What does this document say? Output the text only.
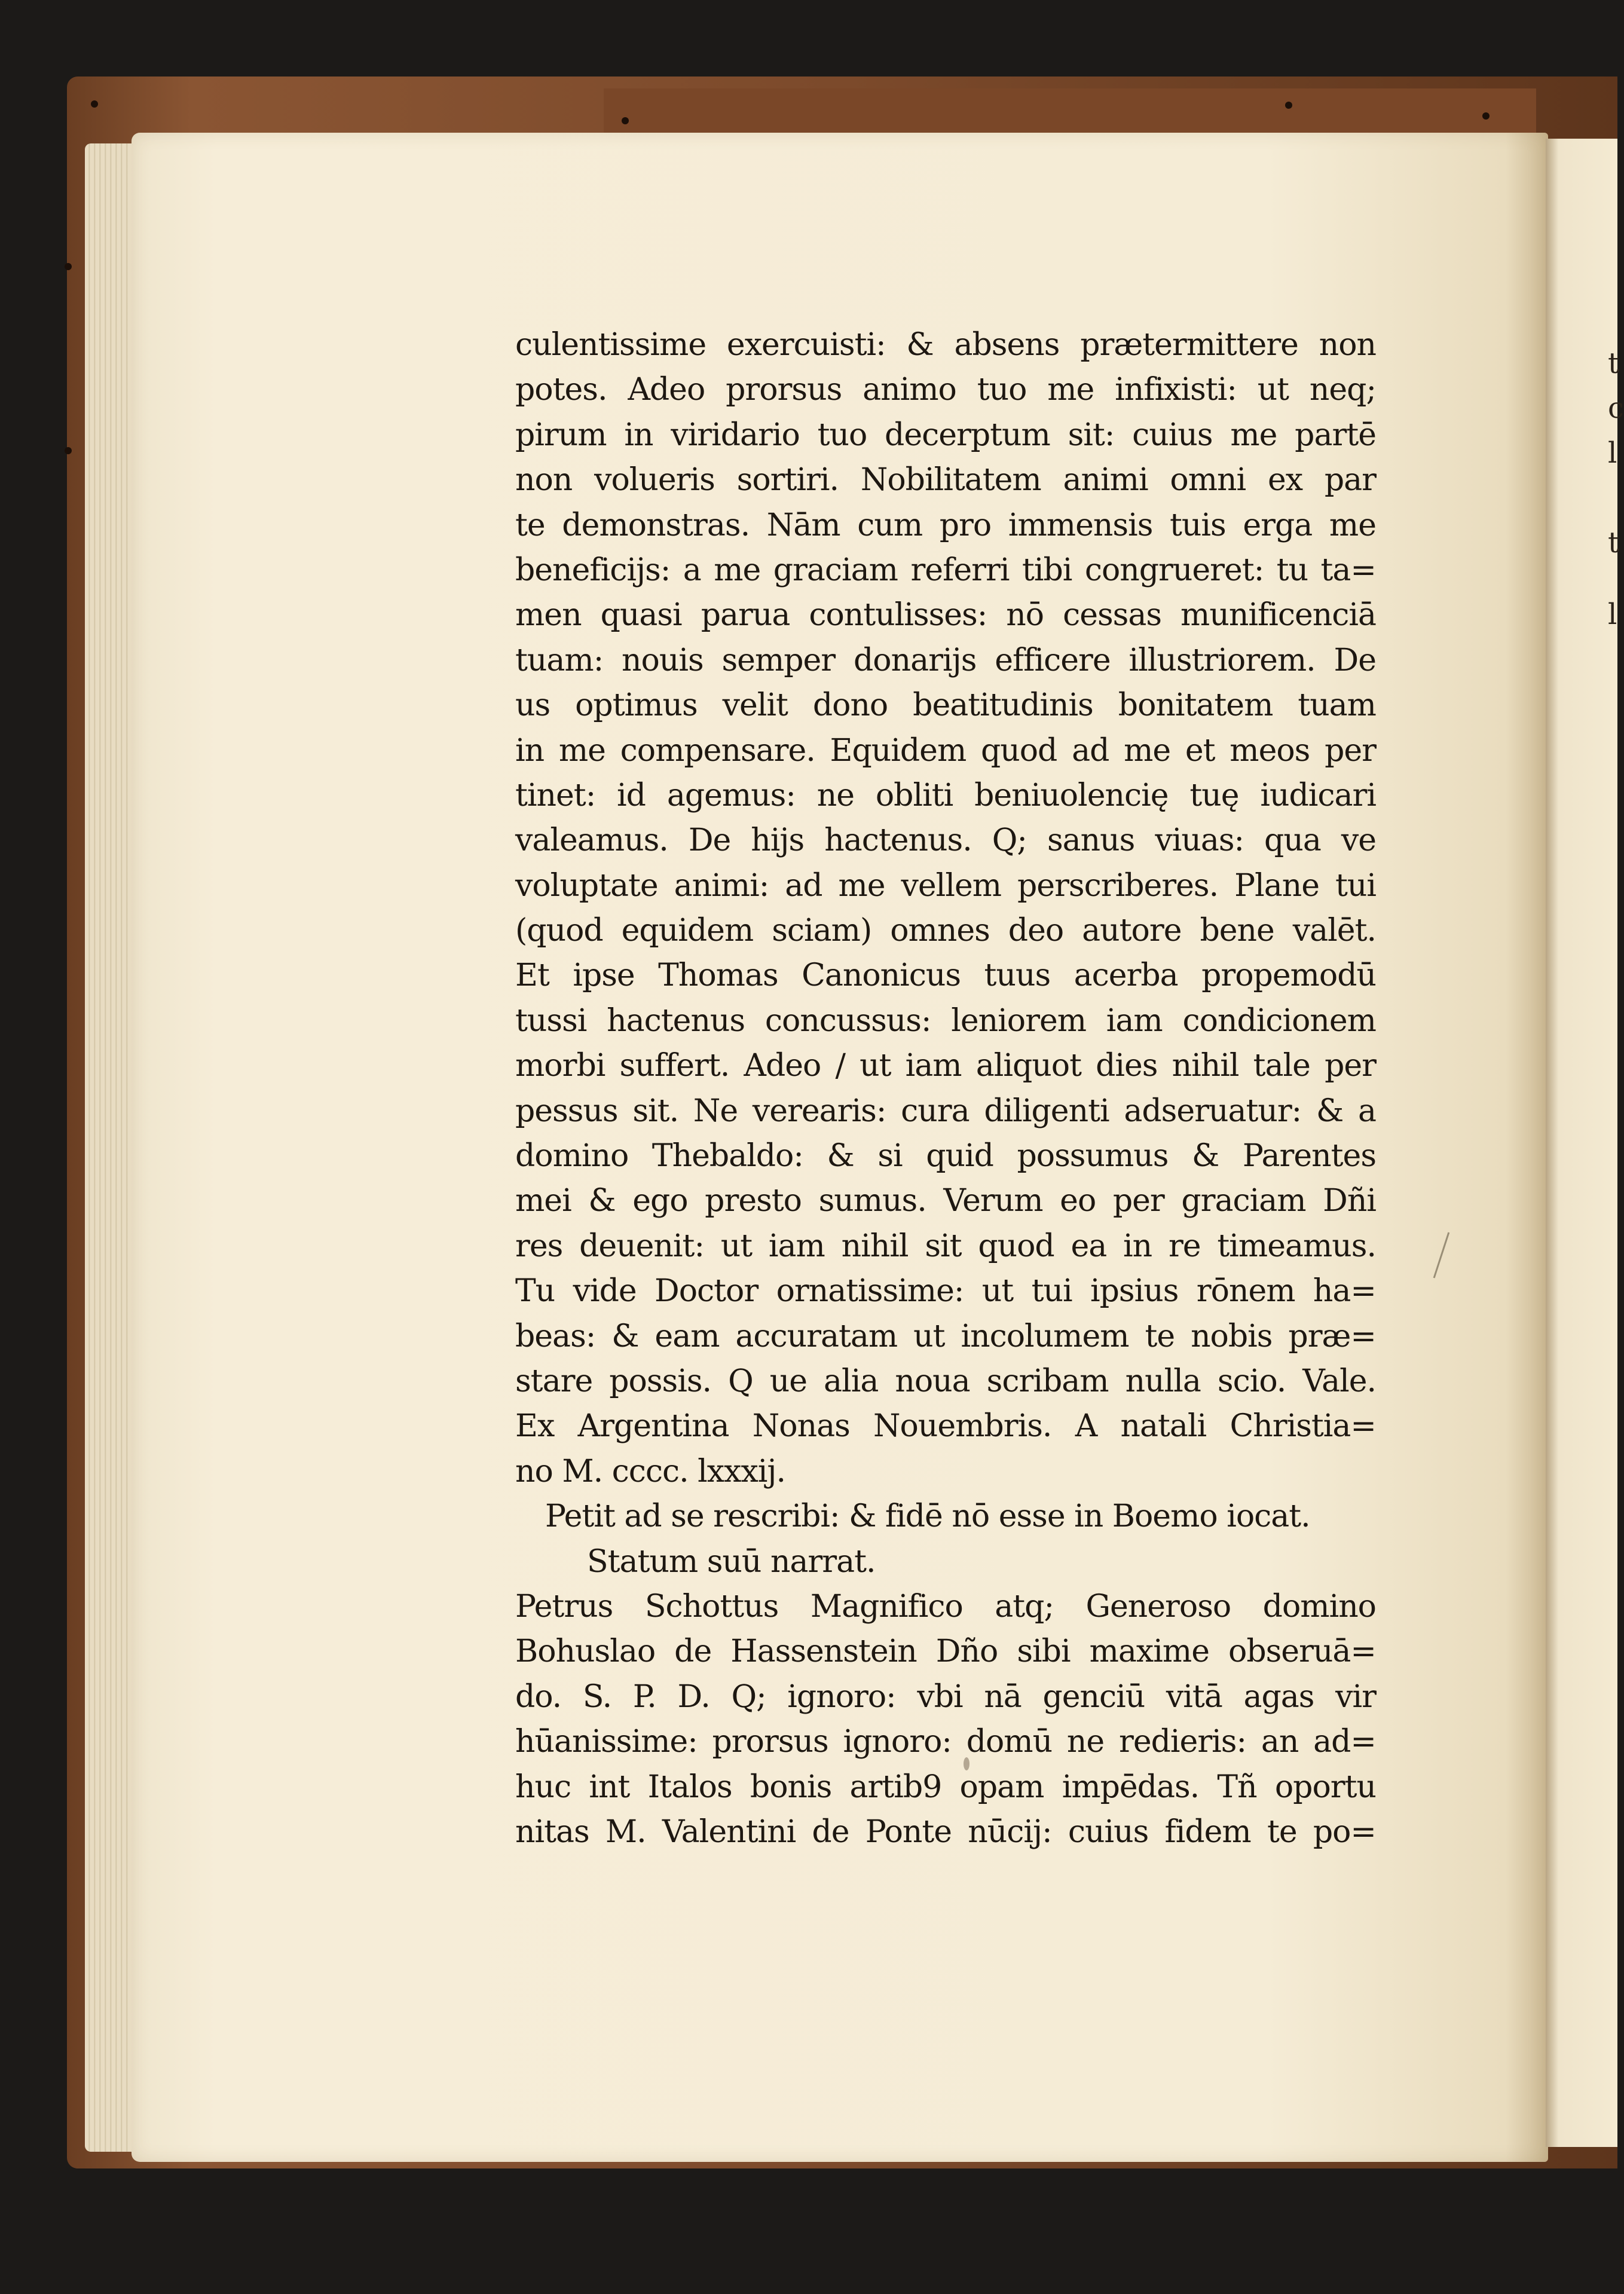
t
c
l
t
l
culentissime exercuisti: & absens prætermittere non
potes. Adeo prorsus animo tuo me infixisti: ut neq;
pirum in viridario tuo decerptum sit: cuius me partē
non volueris sortiri. Nobilitatem animi omni ex par
te demonstras. Nām cum pro immensis tuis erga me
beneficijs: a me graciam referri tibi congrueret: tu ta=
men quasi parua contulisses: nō cessas munificenciā
tuam: nouis semper donarijs efficere illustriorem. De
us optimus velit dono beatitudinis bonitatem tuam
in me compensare. Equidem quod ad me et meos per
tinet: id agemus: ne obliti beniuolencię tuę iudicari
valeamus. De hijs hactenus. Q; sanus viuas: qua ve
voluptate animi: ad me vellem perscriberes. Plane tui
(quod equidem sciam) omnes deo autore bene valēt.
Et ipse Thomas Canonicus tuus acerba propemodū
tussi hactenus concussus: leniorem iam condicionem
morbi suffert. Adeo / ut iam aliquot dies nihil tale per
pessus sit. Ne verearis: cura diligenti adseruatur: & a
domino Thebaldo: & si quid possumus & Parentes
mei & ego presto sumus. Verum eo per graciam Dñi
res deuenit: ut iam nihil sit quod ea in re timeamus.
Tu vide Doctor ornatissime: ut tui ipsius rōnem ha=
beas: & eam accuratam ut incolumem te nobis præ=
stare possis. Q ue alia noua scribam nulla scio. Vale.
Ex Argentina Nonas Nouembris. A natali Christia=
no M. cccc. lxxxij.
Petit ad se rescribi: & fidē nō esse in Boemo iocat.
Statum suū narrat.
Petrus Schottus Magnifico atq; Generoso domino
Bohuslao de Hassenstein Dño sibi maxime obseruā=
do. S. P. D. Q; ignoro: vbi nā genciū vitā agas vir
hūanissime: prorsus ignoro: domū ne redieris: an ad=
huc int Italos bonis artib9 opam impēdas. Tñ oportu
nitas M. Valentini de Ponte nūcij: cuius fidem te po=
